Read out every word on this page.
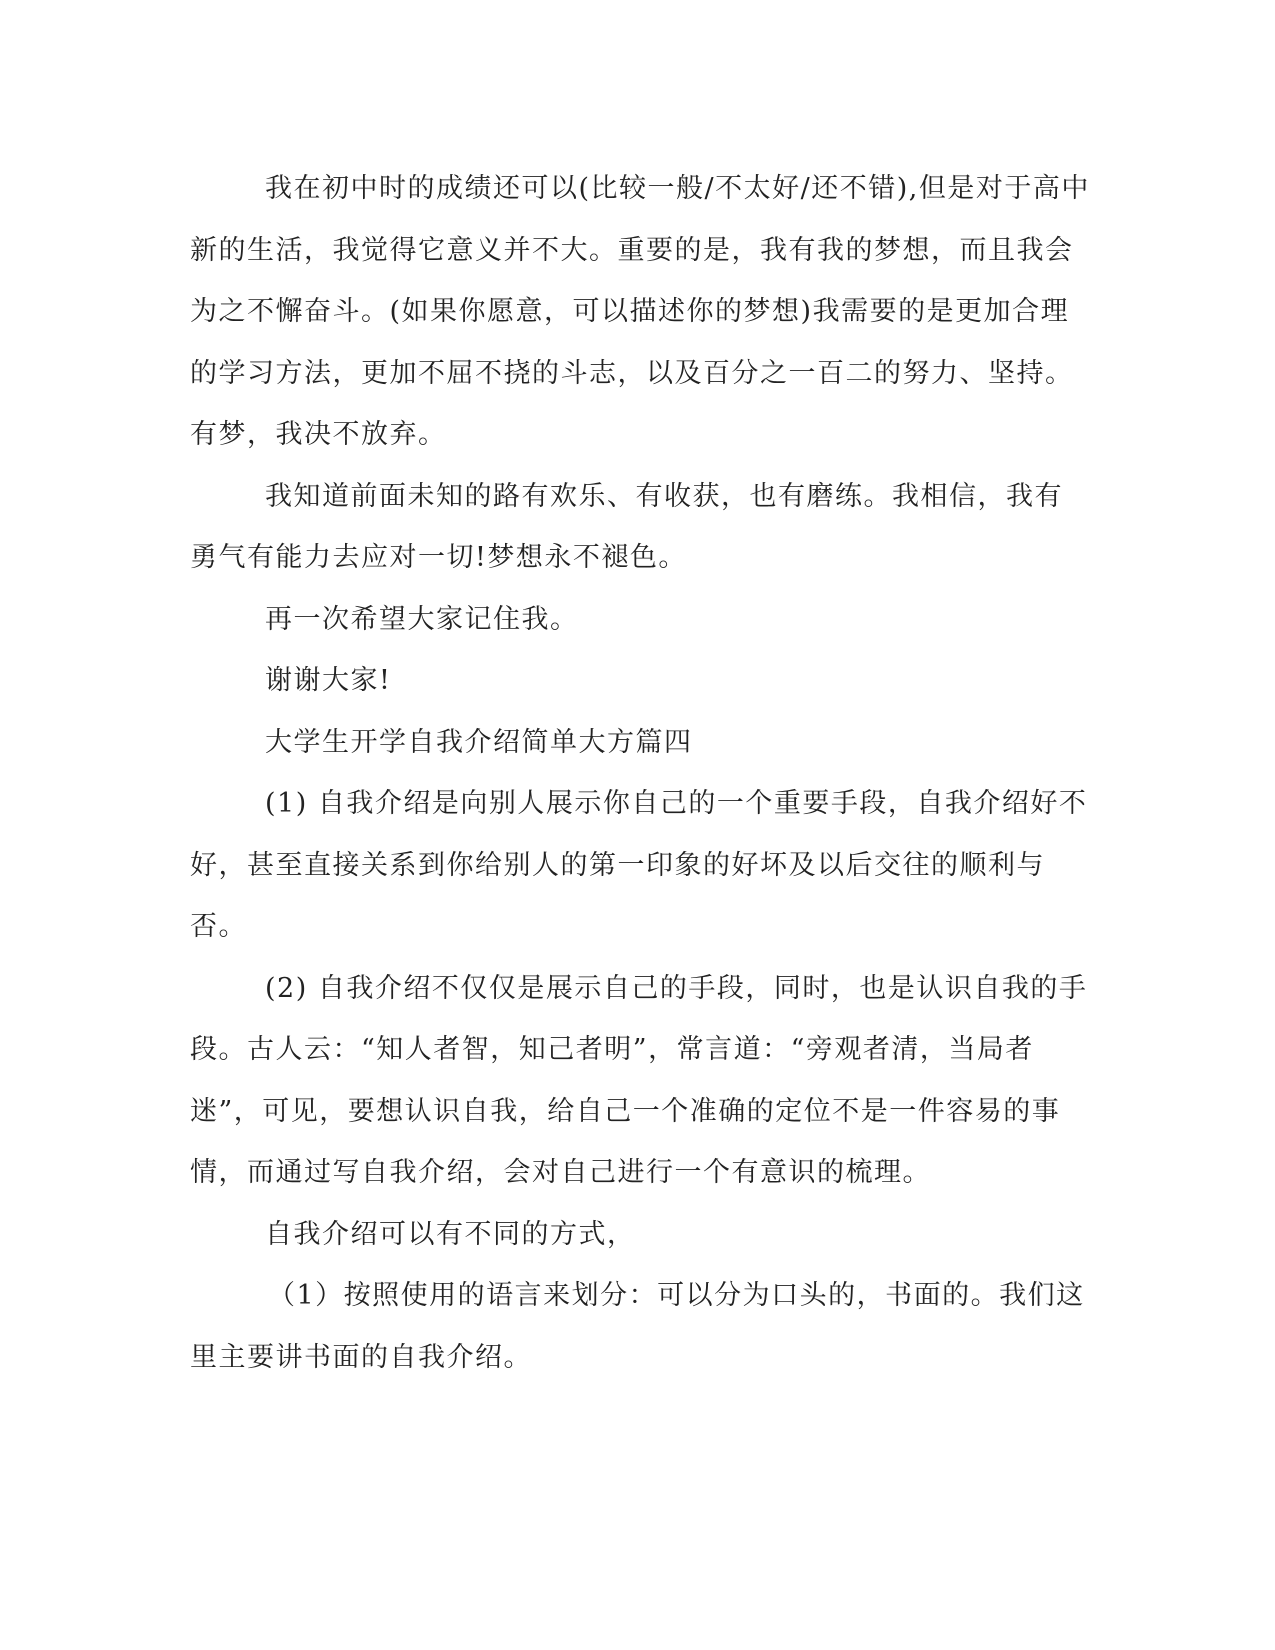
我在初中时的成绩还可以(比较一般/不太好/还不错),但是对于高中新的生活，我觉得它意义并不大。重要的是，我有我的梦想，而且我会为之不懈奋斗。(如果你愿意，可以描述你的梦想)我需要的是更加合理的学习方法，更加不屈不挠的斗志，以及百分之一百二的努力、坚持。有梦，我决不放弃。

我知道前面未知的路有欢乐、有收获，也有磨练。我相信，我有勇气有能力去应对一切!梦想永不褪色。

再一次希望大家记住我。

谢谢大家!

大学生开学自我介绍简单大方篇四

(1) 自我介绍是向别人展示你自己的一个重要手段，自我介绍好不好，甚至直接关系到你给别人的第一印象的好坏及以后交往的顺利与否。

(2) 自我介绍不仅仅是展示自己的手段，同时，也是认识自我的手段。古人云：“知人者智，知己者明”，常言道：“旁观者清，当局者迷”，可见，要想认识自我，给自己一个准确的定位不是一件容易的事情，而通过写自我介绍，会对自己进行一个有意识的梳理。

自我介绍可以有不同的方式，

（1）按照使用的语言来划分：可以分为口头的，书面的。我们这里主要讲书面的自我介绍。
